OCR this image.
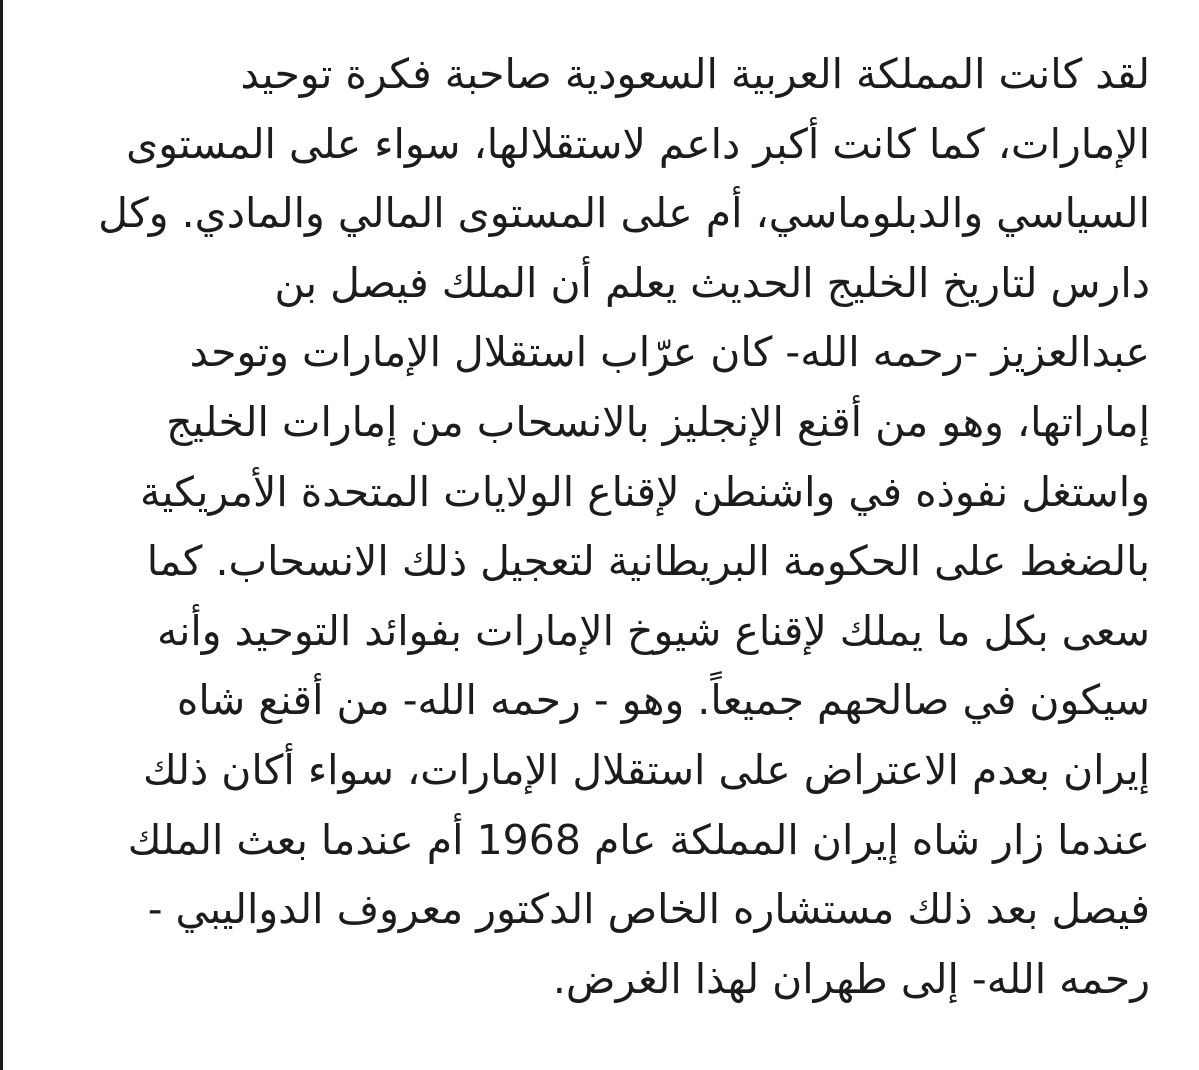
لقد كانت المملكة العربية السعودية صاحبة فكرة توحيد
الإمارات، كما كانت أكبر داعم لاستقلالها، سواء على المستوى
السياسي والدبلوماسي، أم على المستوى المالي والمادي. وكل
دارس لتاريخ الخليج الحديث يعلم أن الملك فيصل بن
عبدالعزيز -رحمه الله- كان عرّاب استقلال الإمارات وتوحد
إماراتها، وهو من أقنع الإنجليز بالانسحاب من إمارات الخليج
واستغل نفوذه في واشنطن لإقناع الولايات المتحدة الأمريكية
بالضغط على الحكومة البريطانية لتعجيل ذلك الانسحاب. كما
سعى بكل ما يملك لإقناع شيوخ الإمارات بفوائد التوحيد وأنه
سيكون في صالحهم جميعاً. وهو - رحمه الله- من أقنع شاه
إيران بعدم الاعتراض على استقلال الإمارات، سواء أكان ذلك
عندما زار شاه إيران المملكة عام 1968 أم عندما بعث الملك
فيصل بعد ذلك مستشاره الخاص الدكتور معروف الدواليبي -
رحمه الله- إلى طهران لهذا الغرض.
